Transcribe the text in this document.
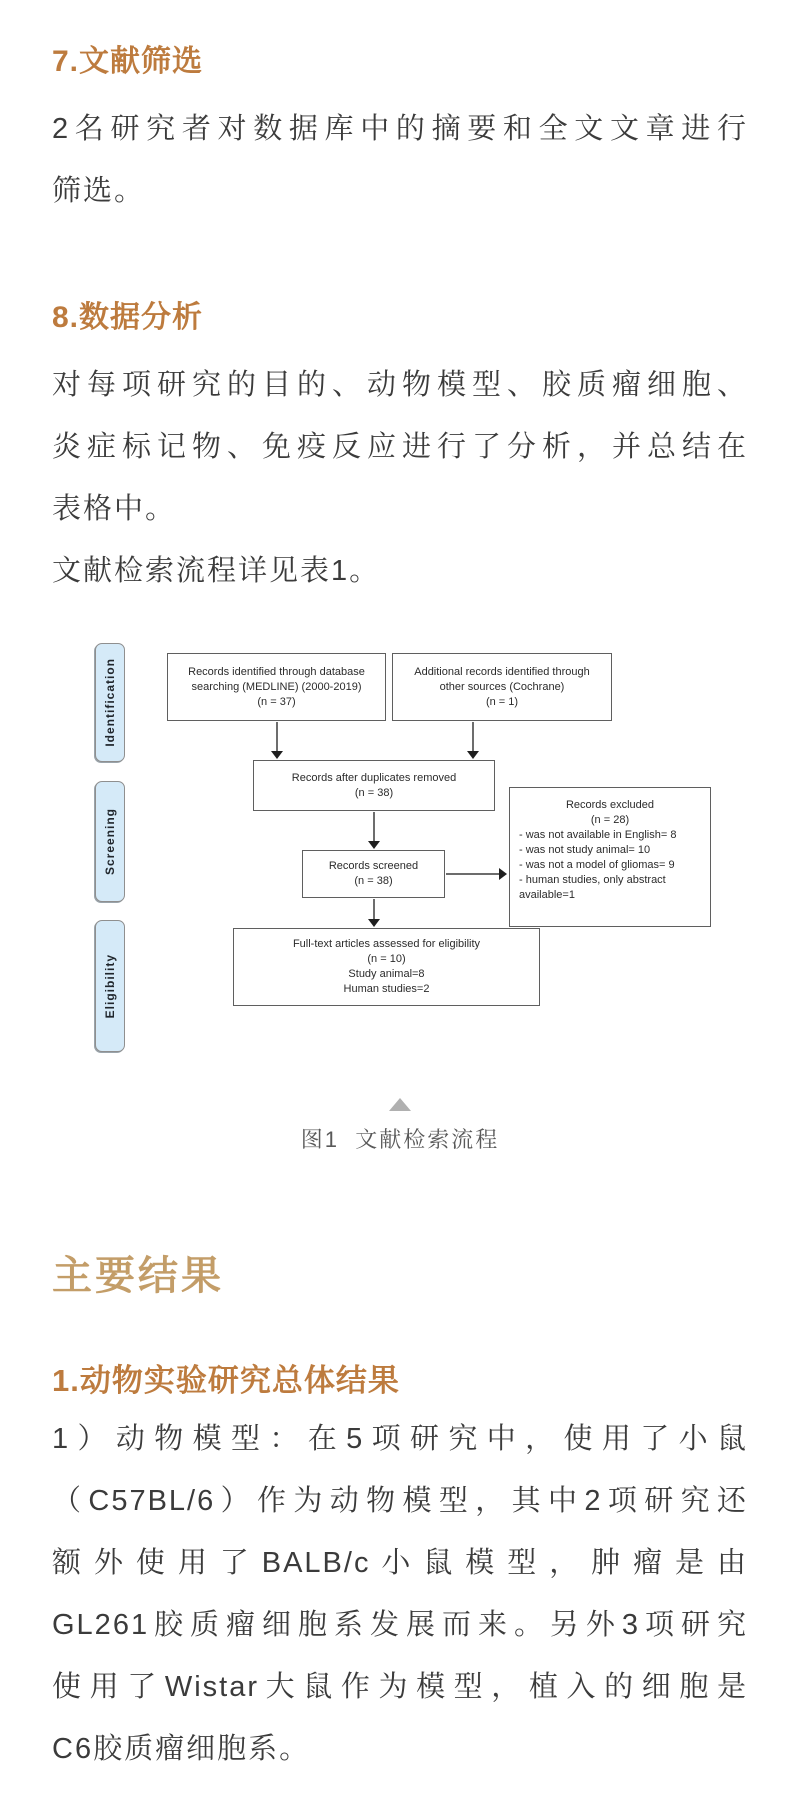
7.文献筛选
2名研究者对数据库中的摘要和全文文章进行
筛选。
8.数据分析
对每项研究的目的、动物模型、胶质瘤细胞、
炎症标记物、免疫反应进行了分析，并总结在
表格中。
文献检索流程详见表1。
Identification
Screening
Eligibility
Records identified through database
searching (MEDLINE) (2000-2019)
(n = 37)
Additional records identified through
other sources (Cochrane)
(n = 1)
Records after duplicates removed
(n = 38)
Records screened
(n = 38)
Records excluded
(n = 28)
- was not available in English= 8
- was not study animal= 10
- was not a model of gliomas= 9
- human studies, only abstract
available=1
Full-text articles assessed for eligibility
(n = 10)
Study animal=8
Human studies=2
图1  文献检索流程
主要结果
1.动物实验研究总体结果
1）动物模型：在5项研究中，使用了小鼠
（C57BL/6）作为动物模型，其中2项研究还
额外使用了BALB/c小鼠模型，肿瘤是由
GL261胶质瘤细胞系发展而来。另外3项研究
使用了Wistar大鼠作为模型，植入的细胞是
C6胶质瘤细胞系。
